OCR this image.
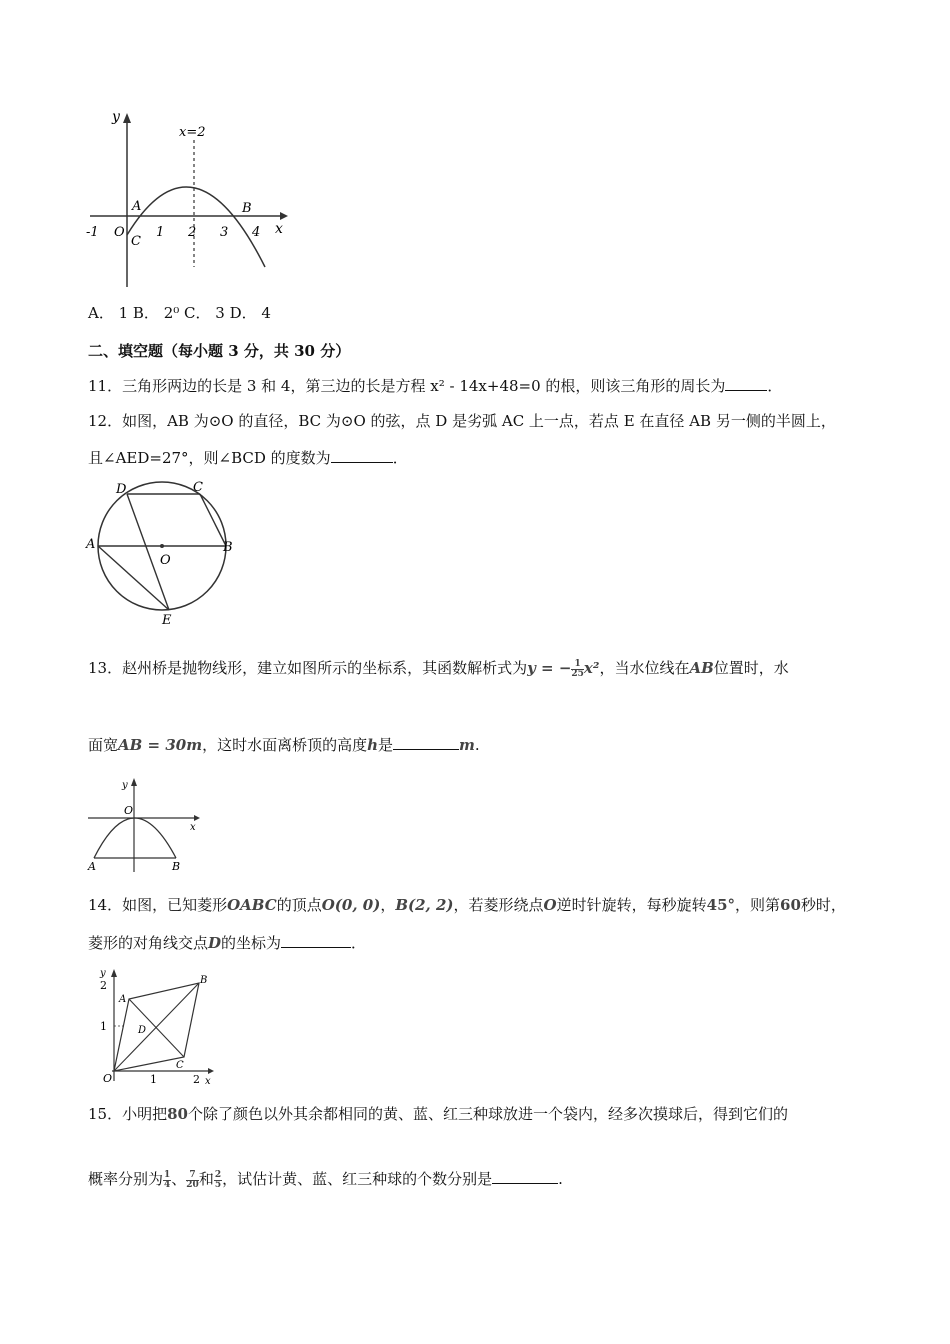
y
x
x=2
A	B
C
O
-1	1 2 3 4
A． 1 B． 2⁰ C． 3 D． 4
二、填空题（每小题 3 分，共 30 分）
11．三角形两边的长是 3 和 4，第三边的长是方程 x² ‐ 14x+48=0 的根，则该三角形的周长为	．
12．如图，AB 为⊙O 的直径，BC 为⊙O 的弦，点 D 是劣弧 AC 上一点，若点 E 在直径 AB 另一侧的半圆上，
且∠AED=27°，则∠BCD 的度数为	．
A	B
C
D
E
O
13．赵州桥是抛物线形，建立如图所示的坐标系，其函数解析式为y = − $\frac{1}{25} x^2$，当水位线在AB位置时，水
面宽AB = 30m，这时水面离桥顶的高度h是	m.
y
x
O
A	B
14．如图，已知菱形OABC的顶点O(0, 0)，B(2, 2)，若菱形绕点O逆时针旋转，每秒旋转45°，则第60秒时，
菱形的对角线交点D的坐标为	．
y
x
O
A
B
C
D
1	2
1
2
15．小明把80个除了颜色以外其余都相同的黄、蓝、红三种球放进一个袋内，经多次摸球后，得到它们的
概率分别为 $\frac{1}{4}$ 、 $\frac{7}{20}$ 和 $\frac{2}{5}$ ，试估计黄、蓝、红三种球的个数分别是	.
